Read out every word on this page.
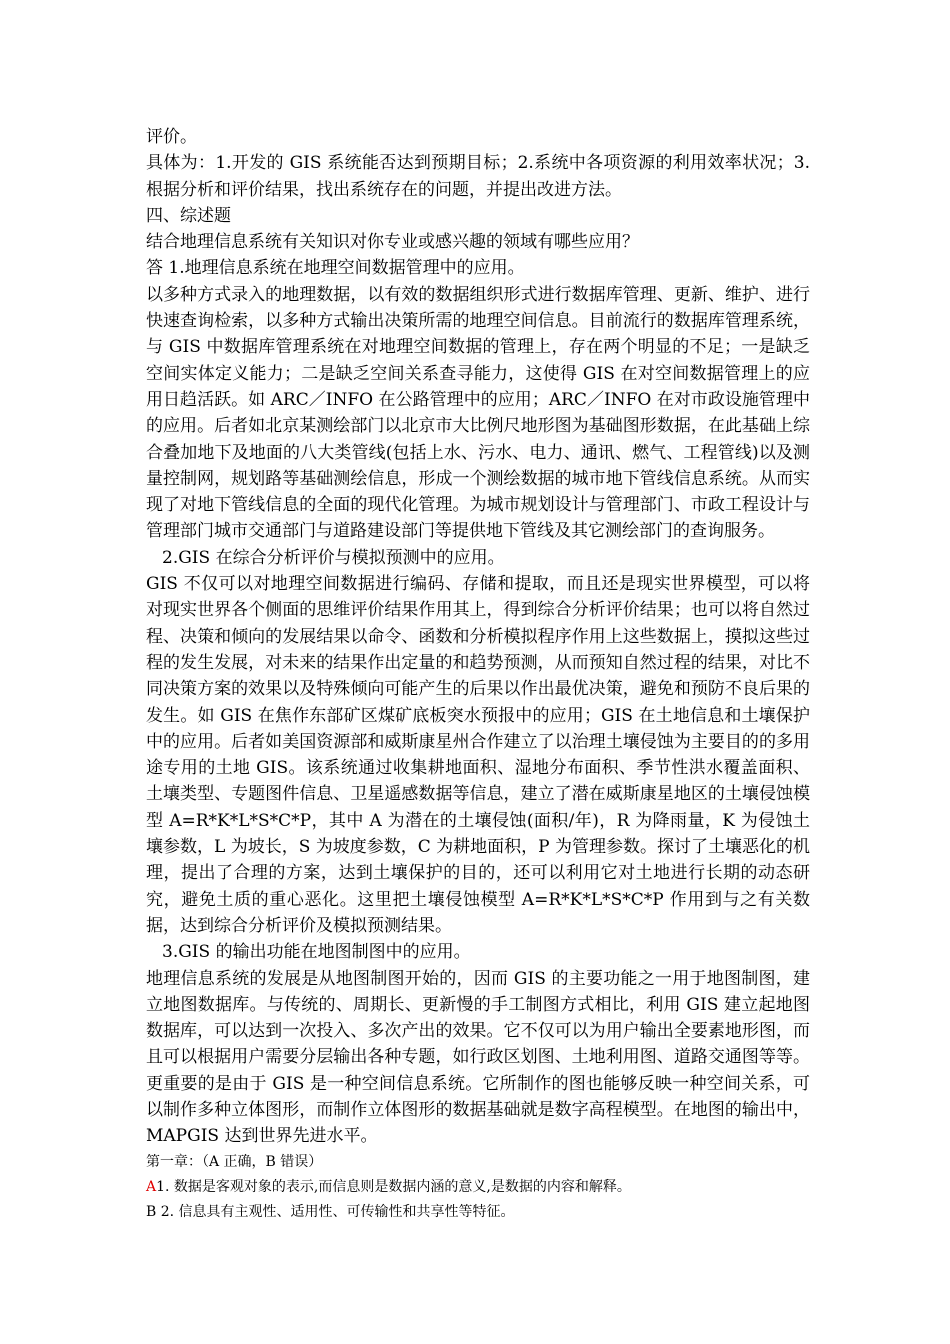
评价。

具体为：1.开发的 GIS 系统能否达到预期目标；2.系统中各项资源的利用效率状况；3.根据分析和评价结果，找出系统存在的问题，并提出改进方法。

四、综述题

结合地理信息系统有关知识对你专业或感兴趣的领域有哪些应用？

答 1.地理信息系统在地理空间数据管理中的应用。

以多种方式录入的地理数据，以有效的数据组织形式进行数据库管理、更新、维护、进行快速查询检索，以多种方式输出决策所需的地理空间信息。目前流行的数据库管理系统，与 GIS 中数据库管理系统在对地理空间数据的管理上，存在两个明显的不足；一是缺乏空间实体定义能力；二是缺乏空间关系查寻能力，这使得 GIS 在对空间数据管理上的应用日趋活跃。如 ARC／INFO 在公路管理中的应用；ARC／INFO 在对市政设施管理中的应用。后者如北京某测绘部门以北京市大比例尺地形图为基础图形数据，在此基础上综合叠加地下及地面的八大类管线(包括上水、污水、电力、通讯、燃气、工程管线)以及测量控制网，规划路等基础测绘信息，形成一个测绘数据的城市地下管线信息系统。从而实现了对地下管线信息的全面的现代化管理。为城市规划设计与管理部门、市政工程设计与管理部门城市交通部门与道路建设部门等提供地下管线及其它测绘部门的查询服务。

2.GIS 在综合分析评价与模拟预测中的应用。

GIS 不仅可以对地理空间数据进行编码、存储和提取，而且还是现实世界模型，可以将对现实世界各个侧面的思维评价结果作用其上，得到综合分析评价结果；也可以将自然过程、决策和倾向的发展结果以命令、函数和分析模拟程序作用上这些数据上，摸拟这些过程的发生发展，对未来的结果作出定量的和趋势预测，从而预知自然过程的结果，对比不同决策方案的效果以及特殊倾向可能产生的后果以作出最优决策，避免和预防不良后果的发生。如 GIS 在焦作东部矿区煤矿底板突水预报中的应用；GIS 在土地信息和土壤保护中的应用。后者如美国资源部和威斯康星州合作建立了以治理土壤侵蚀为主要目的的多用途专用的土地 GIS。该系统通过收集耕地面积、湿地分布面积、季节性洪水覆盖面积、土壤类型、专题图件信息、卫星遥感数据等信息，建立了潜在威斯康星地区的土壤侵蚀模型 A=R*K*L*S*C*P，其中 A 为潜在的土壤侵蚀(面积/年)，R 为降雨量，K 为侵蚀土壤参数，L 为坡长，S 为坡度参数，C 为耕地面积，P 为管理参数。探讨了土壤恶化的机理，提出了合理的方案，达到土壤保护的目的，还可以利用它对土地进行长期的动态研究，避免土质的重心恶化。这里把土壤侵蚀模型 A=R*K*L*S*C*P 作用到与之有关数据，达到综合分析评价及模拟预测结果。

3.GIS 的输出功能在地图制图中的应用。

地理信息系统的发展是从地图制图开始的，因而 GIS 的主要功能之一用于地图制图，建立地图数据库。与传统的、周期长、更新慢的手工制图方式相比，利用 GIS 建立起地图数据库，可以达到一次投入、多次产出的效果。它不仅可以为用户输出全要素地形图，而且可以根据用户需要分层输出各种专题，如行政区划图、土地利用图、道路交通图等等。更重要的是由于 GIS 是一种空间信息系统。它所制作的图也能够反映一种空间关系，可以制作多种立体图形，而制作立体图形的数据基础就是数字高程模型。在地图的输出中，MAPGIS 达到世界先进水平。

第一章：（A 正确，B 错误）

A1. 数据是客观对象的表示,而信息则是数据内涵的意义,是数据的内容和解释。

B 2. 信息具有主观性、适用性、可传输性和共享性等特征。
